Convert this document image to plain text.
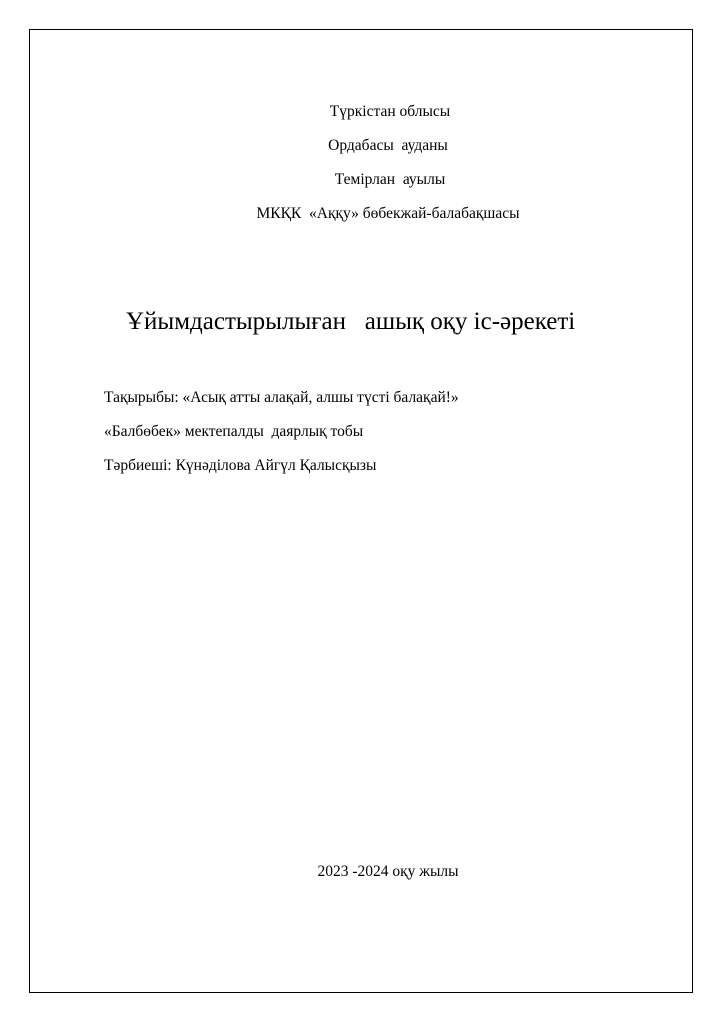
Түркістан облысы
Ордабасы  ауданы
Темірлан  ауылы
МКҚК  «Аққу» бөбекжай-балабақшасы
Ұйымдастырылыған   ашық оқу іс-әрекеті
Тақырыбы: «Асық атты алақай, алшы түсті балақай!»
«Балбөбек» мектепалды  даярлық тобы
Тәрбиеші: Күнәділова Айгүл Қалысқызы
2023 -2024 оқу жылы
